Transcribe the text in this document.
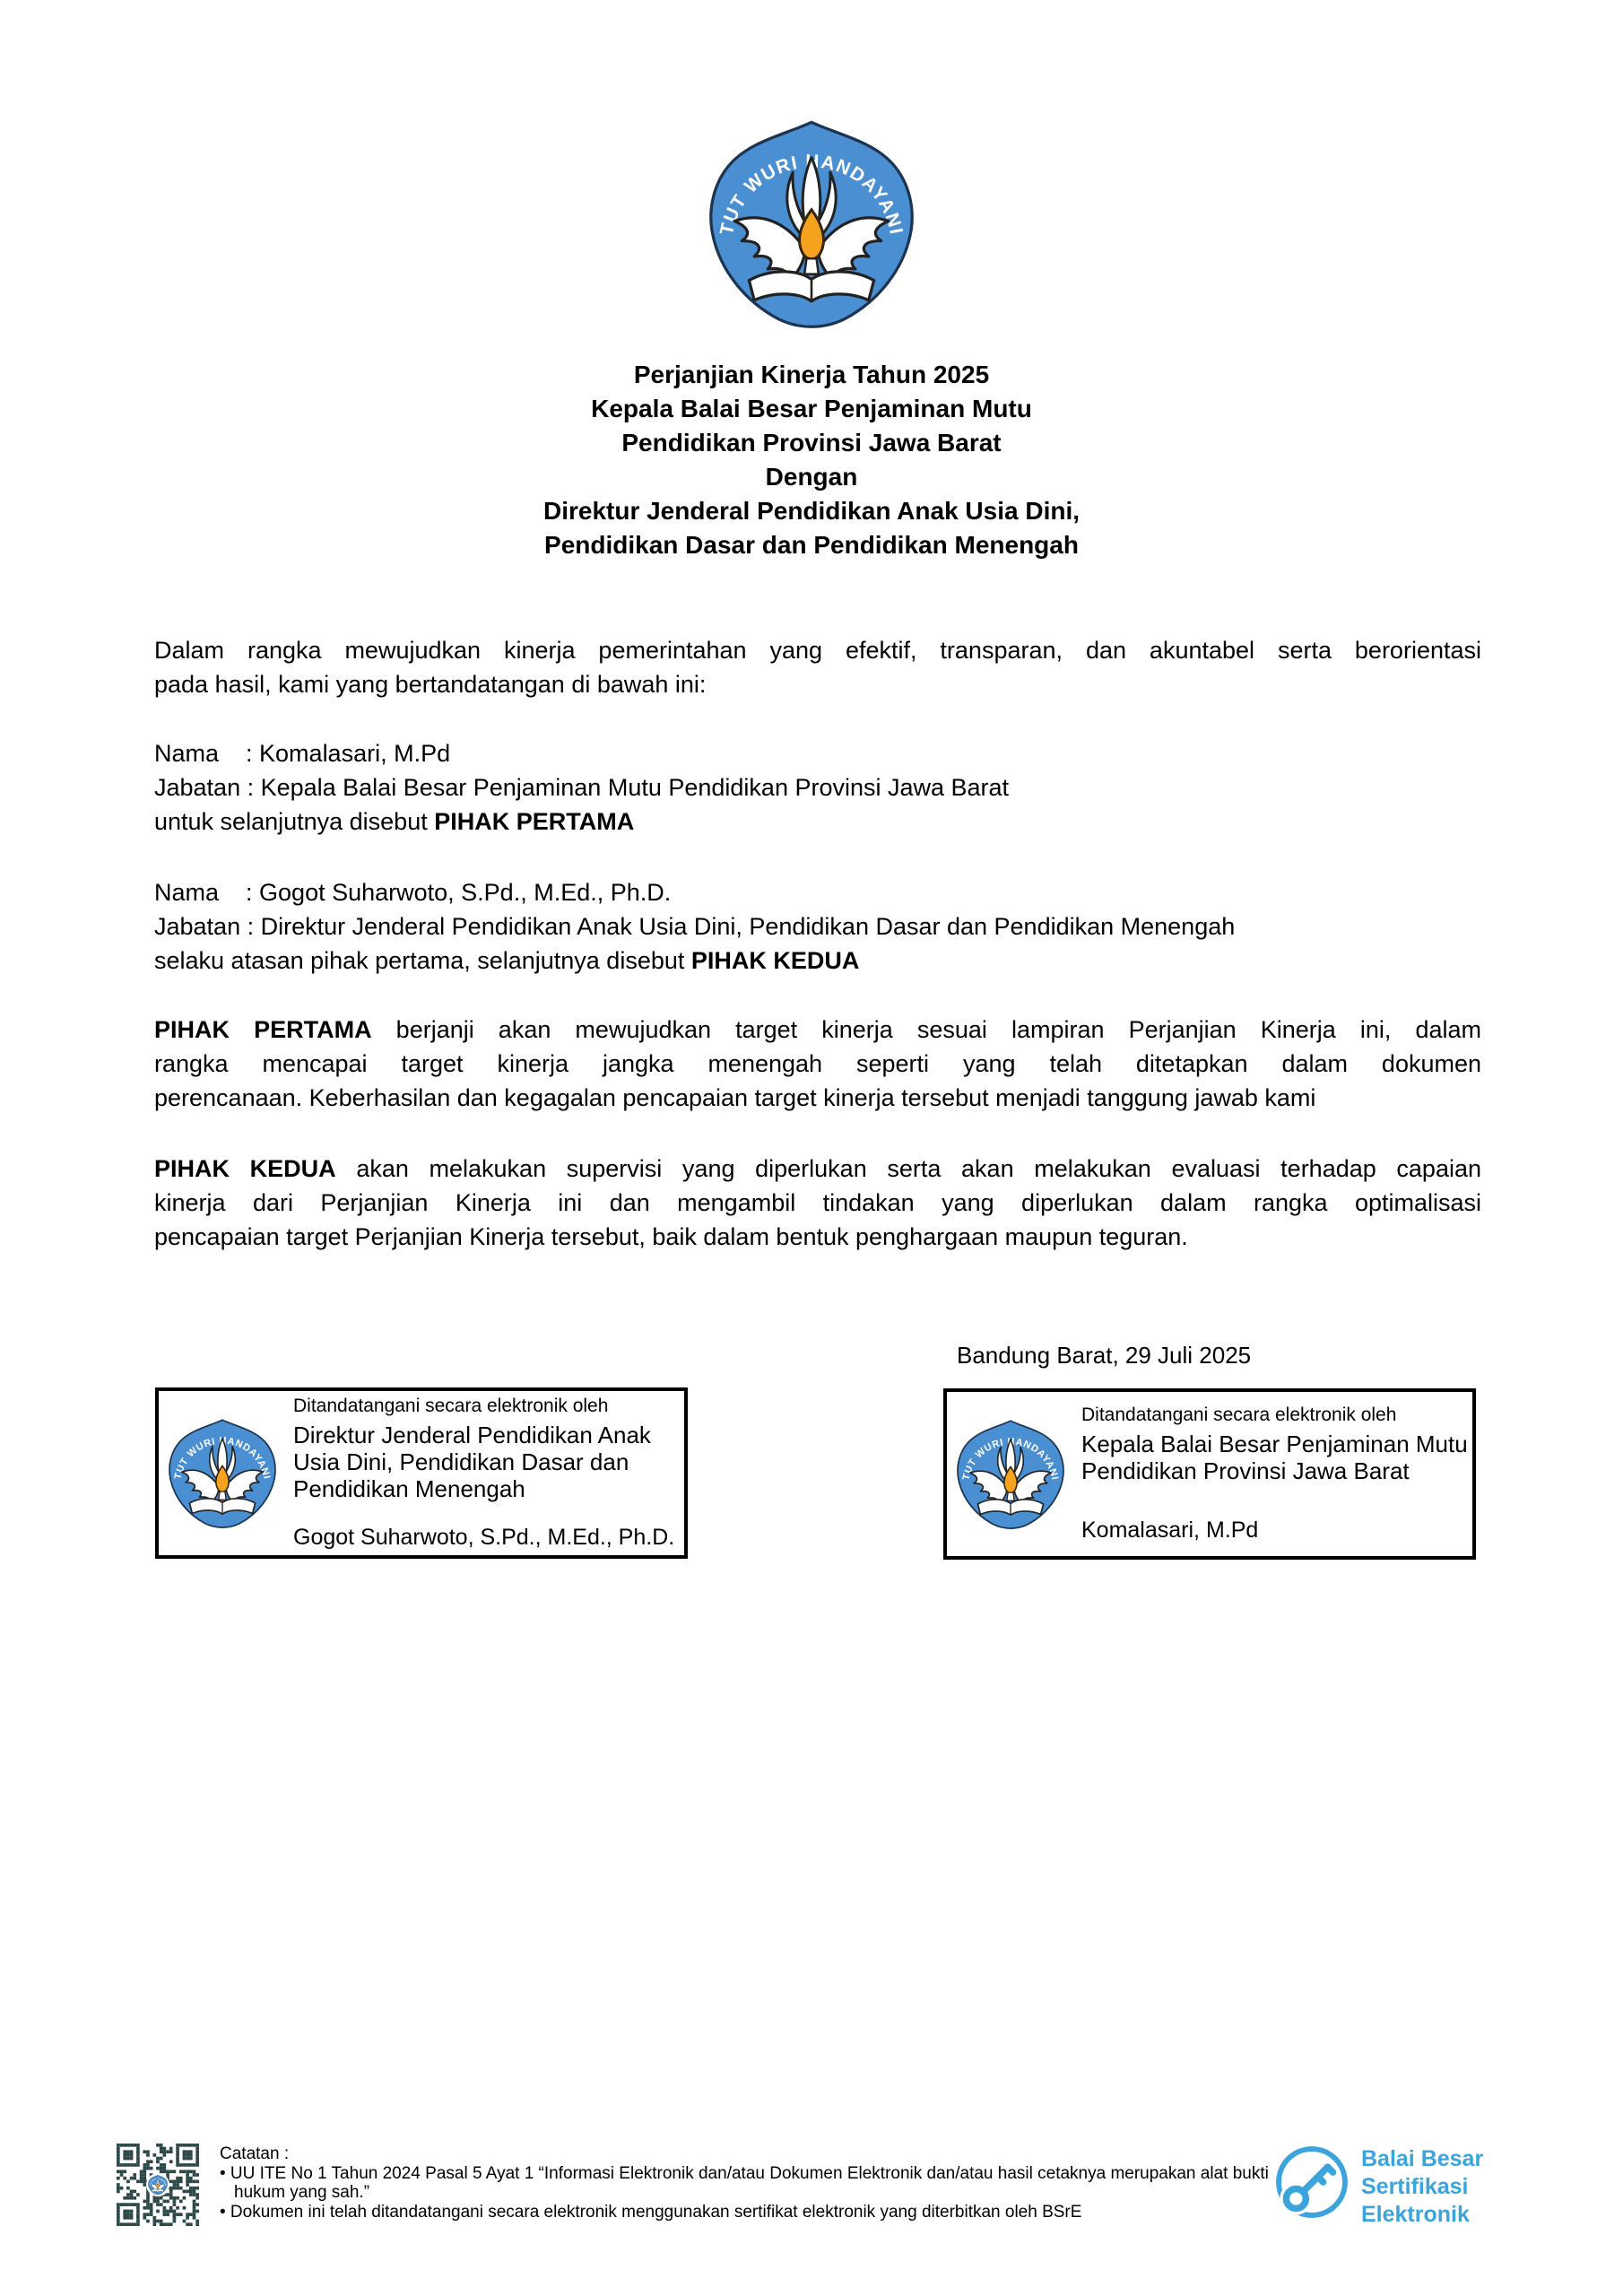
Perjanjian Kinerja Tahun 2025
Kepala Balai Besar Penjaminan Mutu
Pendidikan Provinsi Jawa Barat
Dengan
Direktur Jenderal Pendidikan Anak Usia Dini,
Pendidikan Dasar dan Pendidikan Menengah
Dalam rangka mewujudkan kinerja pemerintahan yang efektif, transparan, dan akuntabel serta berorientasi
pada hasil, kami yang bertandatangan di bawah ini:
Nama    : Komalasari, M.Pd
Jabatan : Kepala Balai Besar Penjaminan Mutu Pendidikan Provinsi Jawa Barat
untuk selanjutnya disebut PIHAK PERTAMA
Nama    : Gogot Suharwoto, S.Pd., M.Ed., Ph.D.
Jabatan : Direktur Jenderal Pendidikan Anak Usia Dini, Pendidikan Dasar dan Pendidikan Menengah
selaku atasan pihak pertama, selanjutnya disebut PIHAK KEDUA
PIHAK PERTAMA berjanji akan mewujudkan target kinerja sesuai lampiran Perjanjian Kinerja ini, dalam
rangka mencapai target kinerja jangka menengah seperti yang telah ditetapkan dalam dokumen
perencanaan. Keberhasilan dan kegagalan pencapaian target kinerja tersebut menjadi tanggung jawab kami
PIHAK KEDUA akan melakukan supervisi yang diperlukan serta akan melakukan evaluasi terhadap capaian
kinerja dari Perjanjian Kinerja ini dan mengambil tindakan yang diperlukan dalam rangka optimalisasi
pencapaian target Perjanjian Kinerja tersebut, baik dalam bentuk penghargaan maupun teguran.
Bandung Barat, 29 Juli 2025
Ditandatangani secara elektronik oleh
Direktur Jenderal Pendidikan Anak
Usia Dini, Pendidikan Dasar dan
Pendidikan Menengah
Gogot Suharwoto, S.Pd., M.Ed., Ph.D.
Ditandatangani secara elektronik oleh
Kepala Balai Besar Penjaminan Mutu
Pendidikan Provinsi Jawa Barat
Komalasari, M.Pd
Catatan :
• UU ITE No 1 Tahun 2024 Pasal 5 Ayat 1 “Informasi Elektronik dan/atau Dokumen Elektronik dan/atau hasil cetaknya merupakan alat bukti
hukum yang sah.”
• Dokumen ini telah ditandatangani secara elektronik menggunakan sertifikat elektronik yang diterbitkan oleh BSrE
Balai Besar
Sertifikasi
Elektronik
